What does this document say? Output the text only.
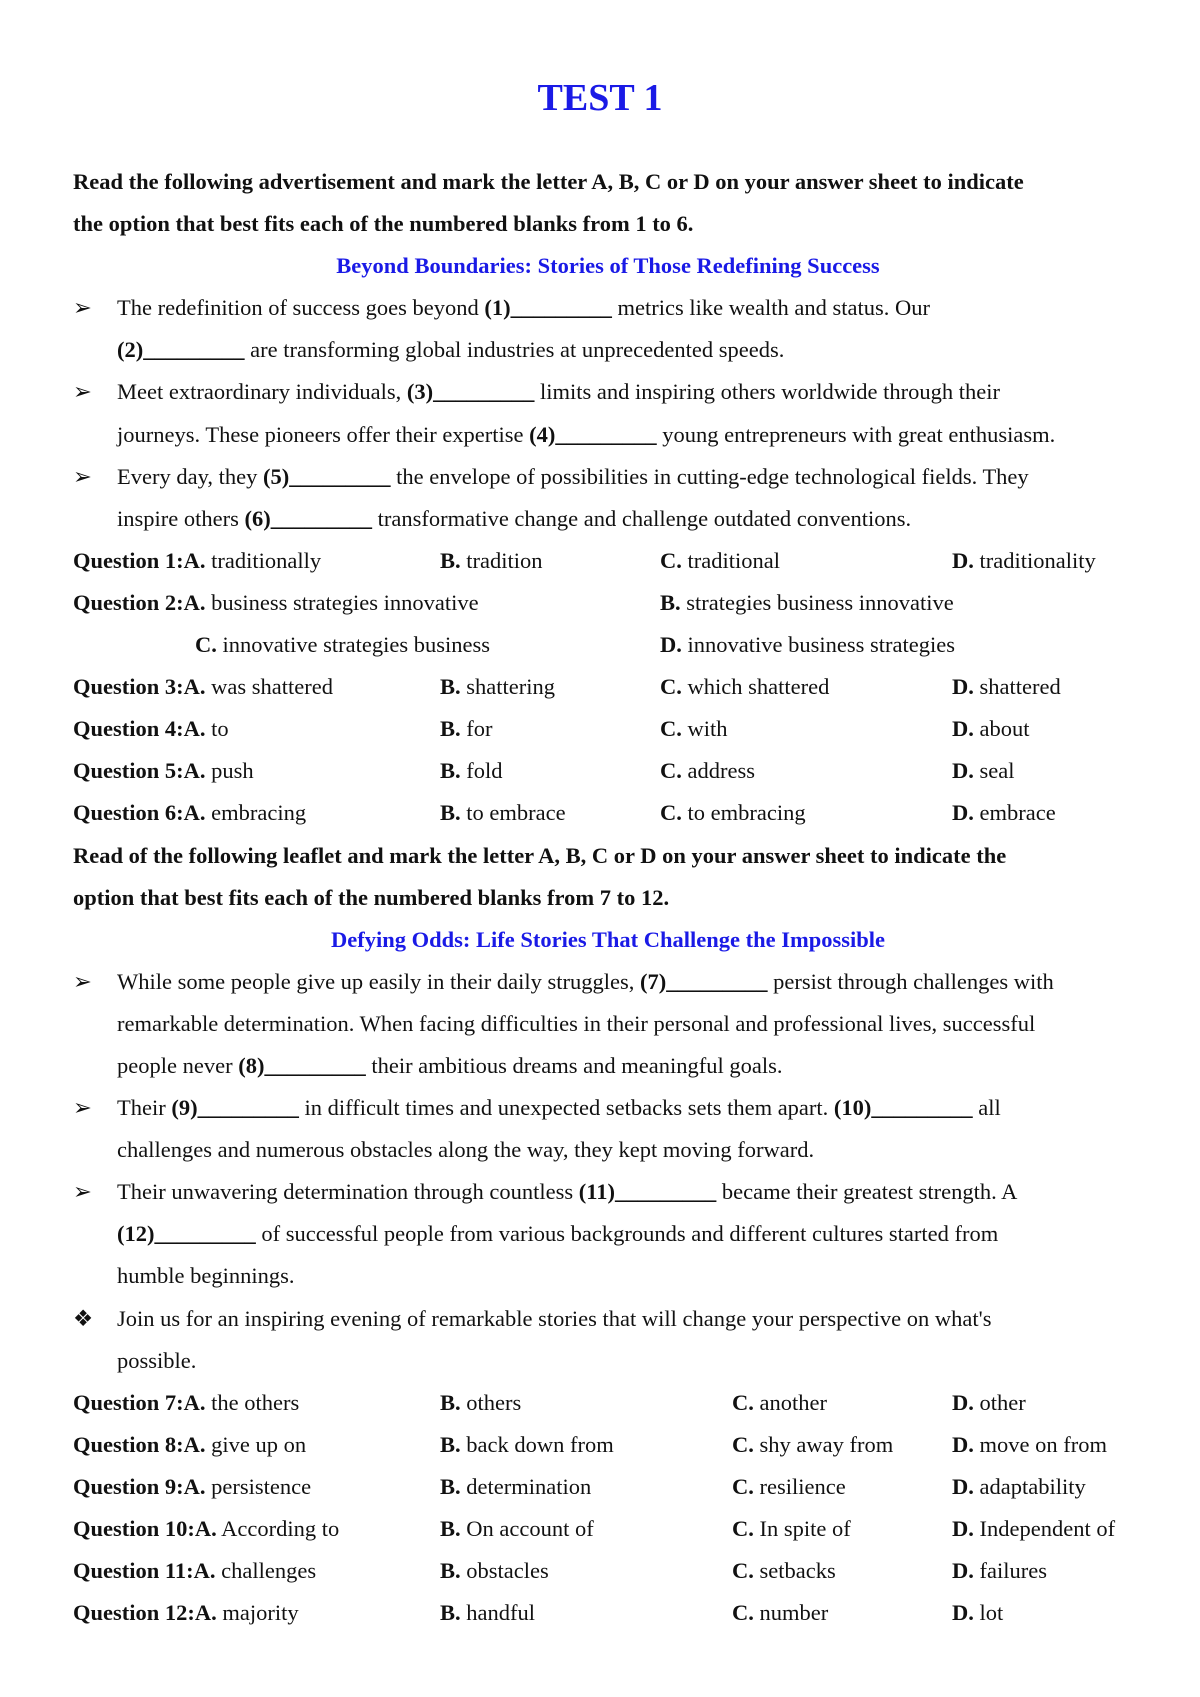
TEST 1
Read the following advertisement and mark the letter A, B, C or D on your answer sheet to indicate
the option that best fits each of the numbered blanks from 1 to 6.
Beyond Boundaries: Stories of Those Redefining Success
➢	The redefinition of success goes beyond (1)_________ metrics like wealth and status. Our
(2)_________ are transforming global industries at unprecedented speeds.
➢	Meet extraordinary individuals, (3)_________ limits and inspiring others worldwide through their
journeys. These pioneers offer their expertise (4)_________ young entrepreneurs with great enthusiasm.
➢	Every day, they (5)_________ the envelope of possibilities in cutting-edge technological fields. They
inspire others (6)_________ transformative change and challenge outdated conventions.
Question 1:A. traditionally	B. tradition	C. traditional	D. traditionality
Question 2:A. business strategies innovative	B. strategies business innovative
C. innovative strategies business	D. innovative business strategies
Question 3:A. was shattered	B. shattering	C. which shattered	D. shattered
Question 4:A. to	B. for	C. with	D. about
Question 5:A. push	B. fold	C. address	D. seal
Question 6:A. embracing	B. to embrace	C. to embracing	D. embrace
Read of the following leaflet and mark the letter A, B, C or D on your answer sheet to indicate the
option that best fits each of the numbered blanks from 7 to 12.
Defying Odds: Life Stories That Challenge the Impossible
➢	While some people give up easily in their daily struggles, (7)_________ persist through challenges with
remarkable determination. When facing difficulties in their personal and professional lives, successful
people never (8)_________ their ambitious dreams and meaningful goals.
➢	Their (9)_________ in difficult times and unexpected setbacks sets them apart. (10)_________ all
challenges and numerous obstacles along the way, they kept moving forward.
➢	Their unwavering determination through countless (11)_________ became their greatest strength. A
(12)_________ of successful people from various backgrounds and different cultures started from
humble beginnings.
❖	Join us for an inspiring evening of remarkable stories that will change your perspective on what's
possible.
Question 7:A. the others	B. others	C. another	D. other
Question 8:A. give up on	B. back down from	C. shy away from	D. move on from
Question 9:A. persistence	B. determination	C. resilience	D. adaptability
Question 10:A. According to	B. On account of	C. In spite of	D. Independent of
Question 11:A. challenges	B. obstacles	C. setbacks	D. failures
Question 12:A. majority	B. handful	C. number	D. lot
